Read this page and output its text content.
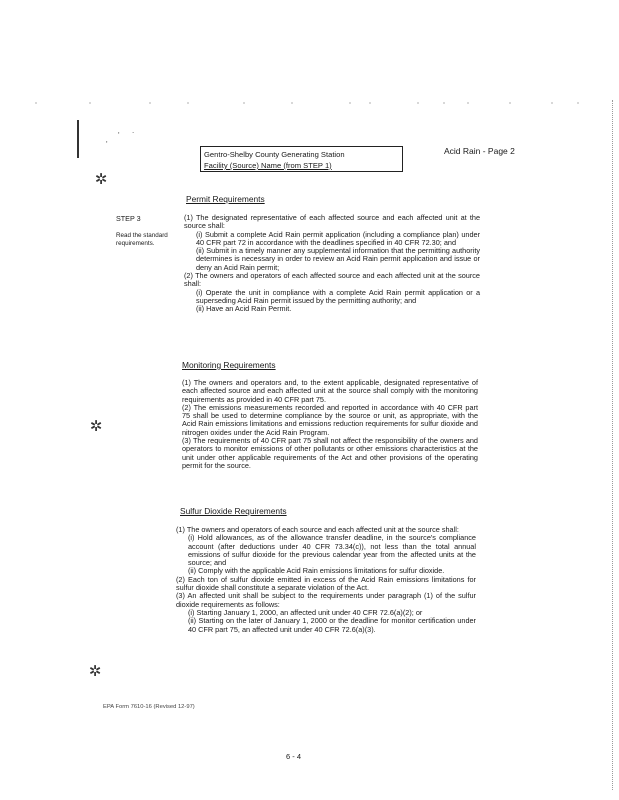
'
.
'
✲
✲
✲
Gentro-Shelby County Generating Station
Facility (Source) Name (from STEP 1)
Acid Rain - Page 2
Permit Requirements
STEP 3
Read the standard requirements.

(1) The designated representative of each affected source and each affected unit at the source shall:

(i) Submit a complete Acid Rain permit application (including a compliance plan) under 40 CFR part 72 in accordance with the deadlines specified in 40 CFR 72.30; and

(ii) Submit in a timely manner any supplemental information that the permitting authority determines is necessary in order to review an Acid Rain permit application and issue or deny an Acid Rain permit;

(2) The owners and operators of each affected source and each affected unit at the source shall:

(i) Operate the unit in compliance with a complete Acid Rain permit application or a superseding Acid Rain permit issued by the permitting authority; and

(ii) Have an Acid Rain Permit.

Monitoring Requirements

(1) The owners and operators and, to the extent applicable, designated representative of each affected source and each affected unit at the source shall comply with the monitoring requirements as provided in 40 CFR part 75.

(2) The emissions measurements recorded and reported in accordance with 40 CFR part 75 shall be used to determine compliance by the source or unit, as appropriate, with the Acid Rain emissions limitations and emissions reduction requirements for sulfur dioxide and nitrogen oxides under the Acid Rain Program.

(3) The requirements of 40 CFR part 75 shall not affect the responsibility of the owners and operators to monitor emissions of other pollutants or other emissions characteristics at the unit under other applicable requirements of the Act and other provisions of the operating permit for the source.

Sulfur Dioxide Requirements

(1) The owners and operators of each source and each affected unit at the source shall:

(i) Hold allowances, as of the allowance transfer deadline, in the source's compliance account (after deductions under 40 CFR 73.34(c)), not less than the total annual emissions of sulfur dioxide for the previous calendar year from the affected units at the source; and

(ii) Comply with the applicable Acid Rain emissions limitations for sulfur dioxide.

(2) Each ton of sulfur dioxide emitted in excess of the Acid Rain emissions limitations for sulfur dioxide shall constitute a separate violation of the Act.

(3) An affected unit shall be subject to the requirements under paragraph (1) of the sulfur dioxide requirements as follows:

(i) Starting January 1, 2000, an affected unit under 40 CFR 72.6(a)(2); or

(ii) Starting on the later of January 1, 2000 or the deadline for monitor certification under 40 CFR part 75, an affected unit under 40 CFR 72.6(a)(3).

EPA Form 7610-16 (Revised 12-97)
6 - 4
